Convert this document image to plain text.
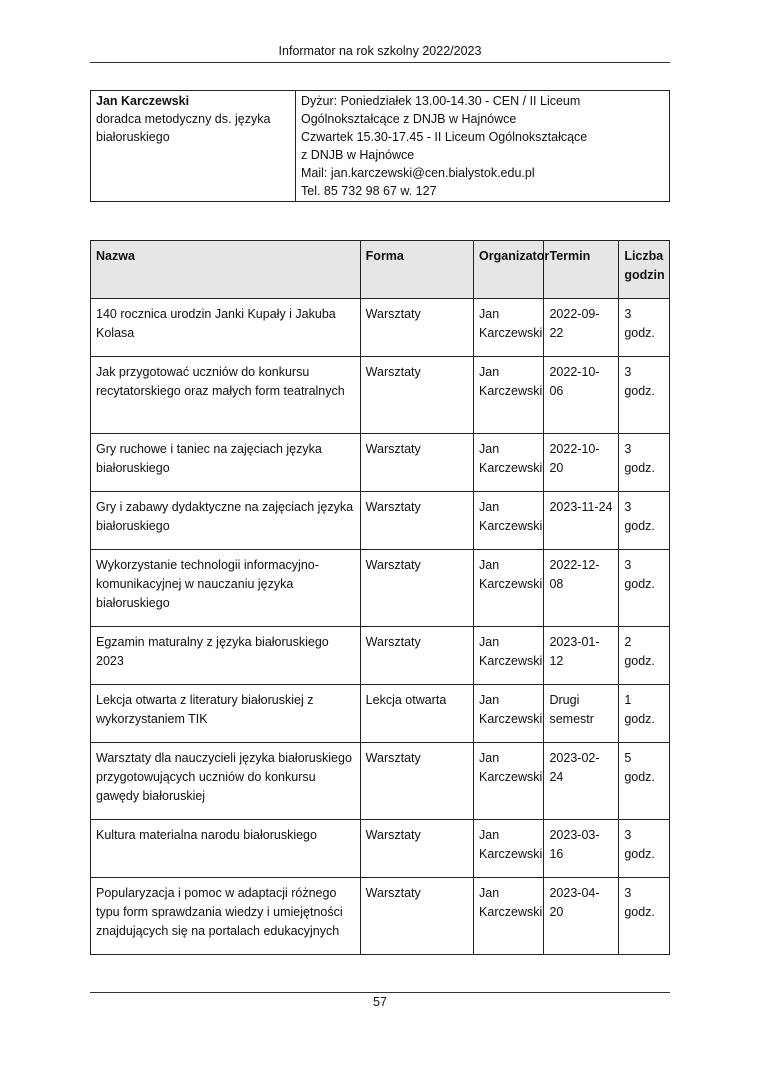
Informator na rok szkolny 2022/2023
Jan Karczewski
doradca metodyczny ds. języka białoruskiego

Dyżur: Poniedziałek 13.00-14.30 - CEN / II Liceum
Ogólnokształcące z DNJB w Hajnówce
Czwartek 15.30-17.45 - II Liceum Ogólnokształcące
z DNJB w Hajnówce
Mail: jan.karczewski@cen.bialystok.edu.pl
Tel. 85 732 98 67 w. 127
Nazwa	Forma	Organizator	Termin	Liczba godzin
140 rocznica urodzin Janki Kupały i Jakuba Kolasa	Warsztaty	Jan Karczewski	2022-09-22	3 godz.
Jak przygotować uczniów do konkursu recytatorskiego oraz małych form teatralnych	Warsztaty	Jan Karczewski	2022-10-06	3 godz.
Gry ruchowe i taniec na zajęciach języka białoruskiego	Warsztaty	Jan Karczewski	2022-10-20	3 godz.
Gry i zabawy dydaktyczne na zajęciach języka białoruskiego	Warsztaty	Jan Karczewski	2023-11-24	3 godz.
Wykorzystanie technologii informacyjno-komunikacyjnej w nauczaniu języka białoruskiego	Warsztaty	Jan Karczewski	2022-12-08	3 godz.
Egzamin maturalny z języka białoruskiego 2023	Warsztaty	Jan Karczewski	2023-01-12	2 godz.
Lekcja otwarta z literatury białoruskiej z wykorzystaniem TIK	Lekcja otwarta	Jan Karczewski	Drugi semestr	1 godz.
Warsztaty dla nauczycieli języka białoruskiego przygotowujących uczniów do konkursu gawędy białoruskiej	Warsztaty	Jan Karczewski	2023-02-24	5 godz.
Kultura materialna narodu białoruskiego	Warsztaty	Jan Karczewski	2023-03-16	3 godz.
Popularyzacja i pomoc w adaptacji różnego typu form sprawdzania wiedzy i umiejętności znajdujących się na portalach edukacyjnych	Warsztaty	Jan Karczewski	2023-04-20	3 godz.
57
